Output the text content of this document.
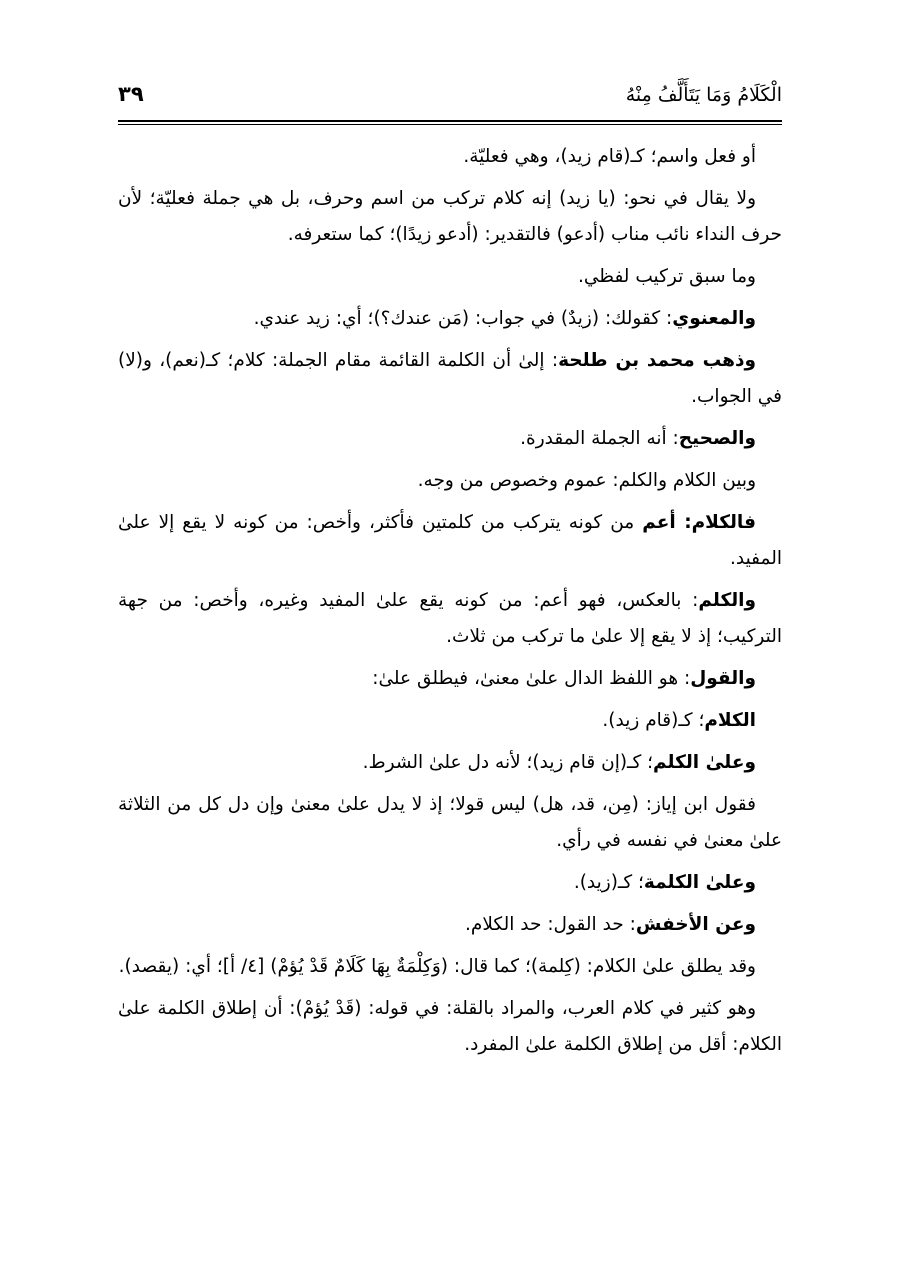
الْكَلَامُ وَمَا يَتَأَلَّفُ مِنْهُ
٣٩

أو فعل واسم؛ كـ(قام زيد)، وهي فعليّة.

ولا يقال في نحو: (يا زيد) إنه كلام تركب من اسم وحرف، بل هي جملة فعليّة؛ لأن حرف النداء نائب مناب (أدعو) فالتقدير: (أدعو زيدًا)؛ كما ستعرفه.

وما سبق تركيب لفظي.

والمعنوي: كقولك: (زيدٌ) في جواب: (مَن عندك؟)؛ أي: زيد عندي.

وذهب محمد بن طلحة: إلىٰ أن الكلمة القائمة مقام الجملة: كلام؛ كـ(نعم)، و(لا) في الجواب.

والصحيح: أنه الجملة المقدرة.

وبين الكلام والكلم: عموم وخصوص من وجه.

فالكلام: أعم من كونه يتركب من كلمتين فأكثر، وأخص: من كونه لا يقع إلا علىٰ المفيد.

والكلم: بالعكس، فهو أعم: من كونه يقع علىٰ المفيد وغيره، وأخص: من جهة التركيب؛ إذ لا يقع إلا علىٰ ما تركب من ثلاث.

والقول: هو اللفظ الدال علىٰ معنىٰ، فيطلق علىٰ:

الكلام؛ كـ(قام زيد).

وعلىٰ الكلم؛ كـ(إن قام زيد)؛ لأنه دل علىٰ الشرط.

فقول ابن إياز: (مِن، قد، هل) ليس قولا؛ إذ لا يدل علىٰ معنىٰ وإن دل كل من الثلاثة علىٰ معنىٰ في نفسه في رأي.

وعلىٰ الكلمة؛ كـ(زيد).

وعن الأخفش: حد القول: حد الكلام.

وقد يطلق علىٰ الكلام: (كِلمة)؛ كما قال: (وَكِلْمَةٌ بِهَا كَلَامٌ قَدْ يُؤمْ) [٤/ أ]؛ أي: (يقصد).

وهو كثير في كلام العرب، والمراد بالقلة: في قوله: (قَدْ يُؤمْ): أن إطلاق الكلمة علىٰ الكلام: أقل من إطلاق الكلمة علىٰ المفرد.
